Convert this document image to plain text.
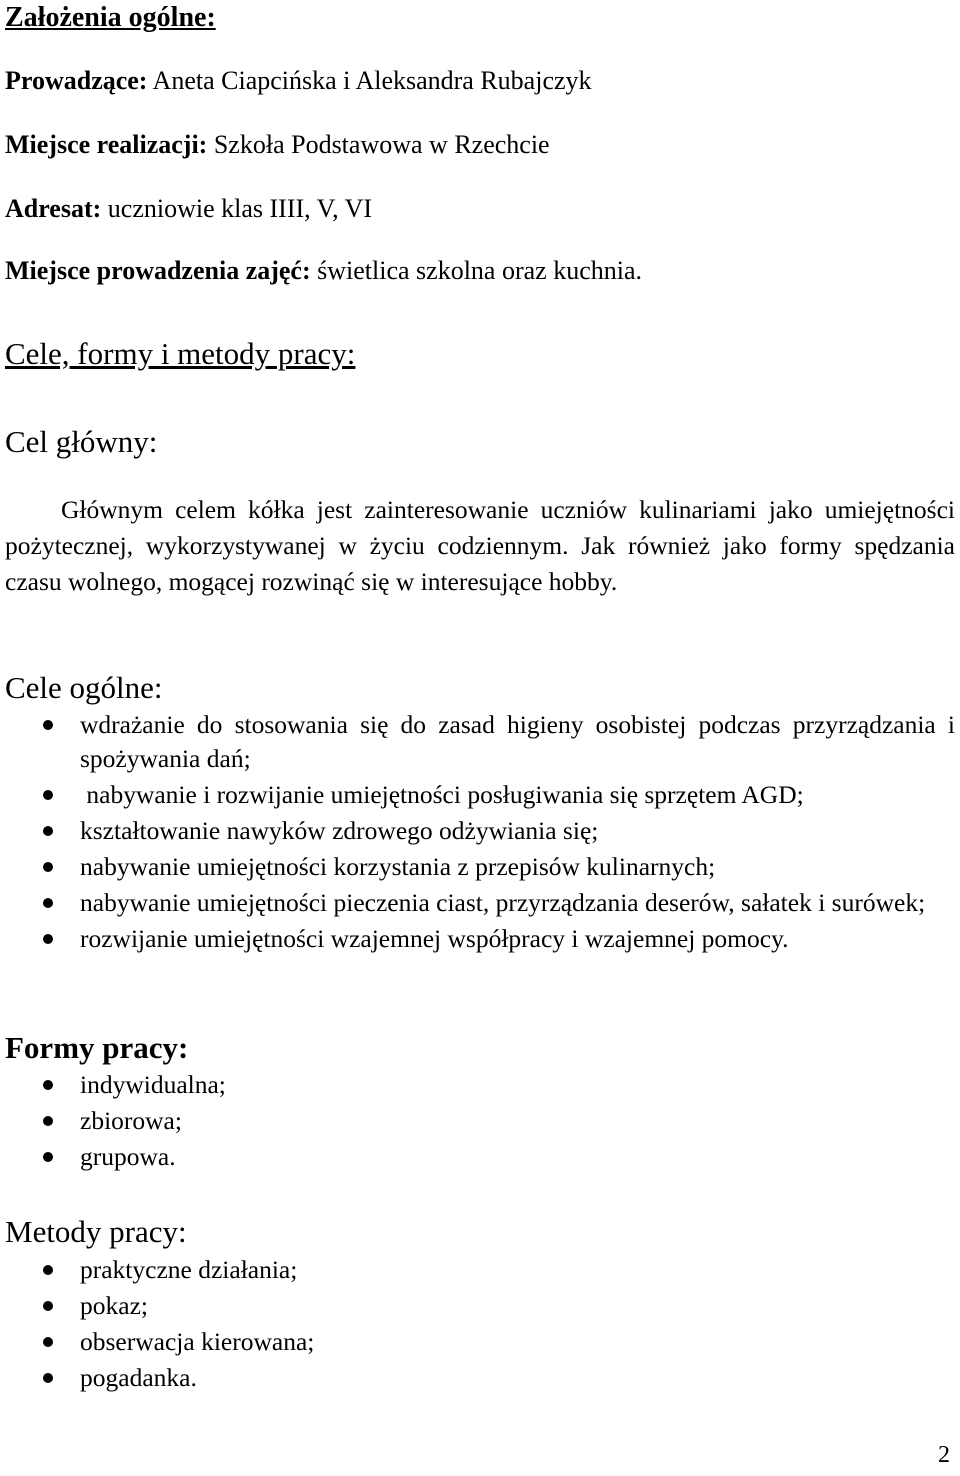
Założenia ogólne:
Prowadzące: Aneta Ciapcińska i Aleksandra Rubajczyk
Miejsce realizacji: Szkoła Podstawowa w Rzechcie
Adresat: uczniowie klas IIII, V, VI
Miejsce prowadzenia zajęć: świetlica szkolna oraz kuchnia.
Cele, formy i metody pracy:
Cel główny:

Głównym celem kółka jest zainteresowanie uczniów kulinariami jako umiejętności pożytecznej, wykorzystywanej w życiu codziennym. Jak również jako formy spędzania czasu wolnego, mogącej rozwinąć się w interesujące hobby.

Cele ogólne:
wdrażanie do stosowania się do zasad higieny osobistej podczas przyrządzania i spożywania dań;
nabywanie i rozwijanie umiejętności posługiwania się sprzętem AGD;
kształtowanie nawyków zdrowego odżywiania się;
nabywanie umiejętności korzystania z przepisów kulinarnych;
nabywanie umiejętności pieczenia ciast, przyrządzania deserów, sałatek i surówek;
rozwijanie umiejętności wzajemnej współpracy i wzajemnej pomocy.
Formy pracy:
indywidualna;
zbiorowa;
grupowa.
Metody pracy:
praktyczne działania;
pokaz;
obserwacja kierowana;
pogadanka.
2
